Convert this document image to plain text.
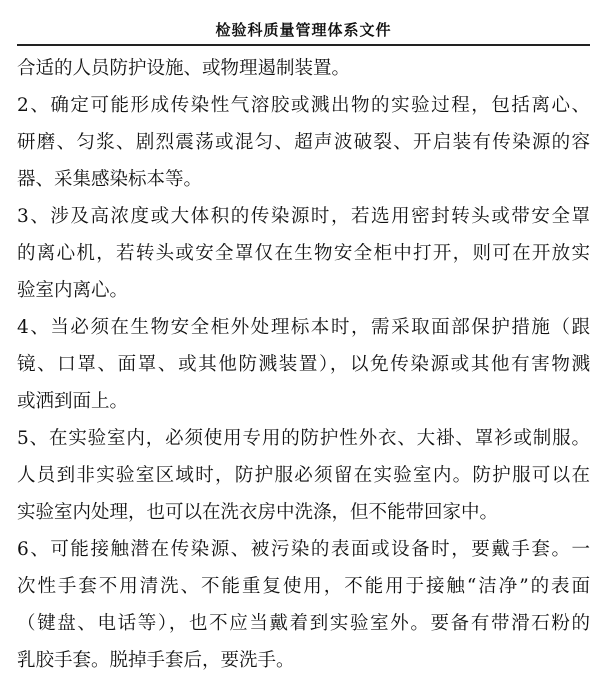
检验科质量管理体系文件
合适的人员防护设施、或物理遏制装置。
2、确定可能形成传染性气溶胶或溅出物的实验过程，包括离心、
研磨、匀浆、剧烈震荡或混匀、超声波破裂、开启装有传染源的容
器、采集感染标本等。
3、涉及高浓度或大体积的传染源时，若选用密封转头或带安全罩
的离心机，若转头或安全罩仅在生物安全柜中打开，则可在开放实
验室内离心。
4、当必须在生物安全柜外处理标本时，需采取面部保护措施（跟
镜、口罩、面罩、或其他防溅装置），以免传染源或其他有害物溅
或洒到面上。
5、在实验室内，必须使用专用的防护性外衣、大褂、罩衫或制服。
人员到非实验室区域时，防护服必须留在实验室内。防护服可以在
实验室内处理，也可以在洗衣房中洗涤，但不能带回家中。
6、可能接触潜在传染源、被污染的表面或设备时，要戴手套。一
次性手套不用清洗、不能重复使用，不能用于接触“洁净”的表面
（键盘、电话等），也不应当戴着到实验室外。要备有带滑石粉的
乳胶手套。脱掉手套后，要洗手。
